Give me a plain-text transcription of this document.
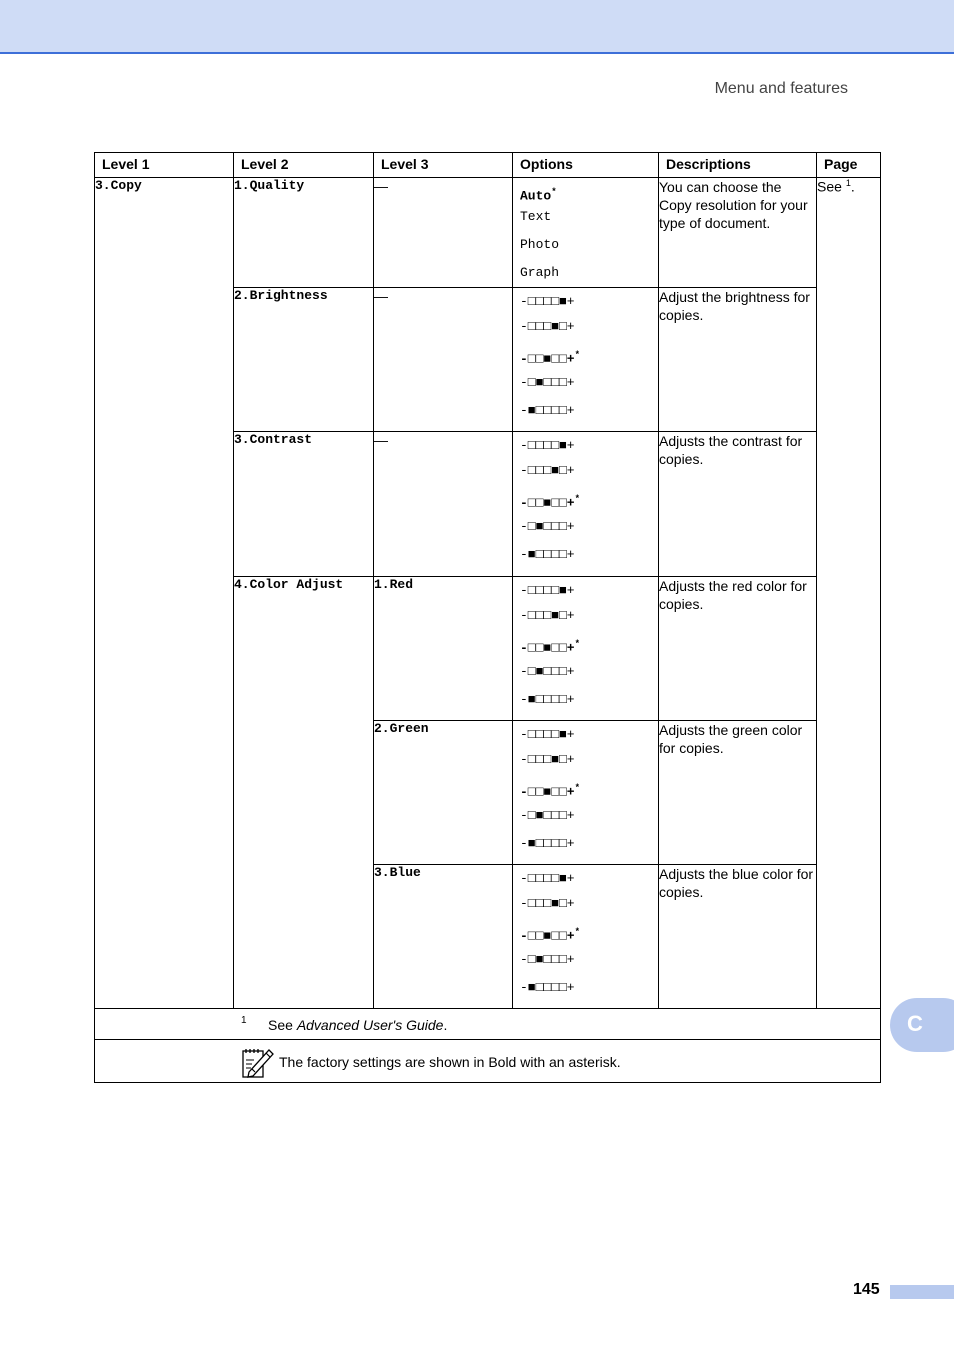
Menu and features
Level 1	Level 2	Level 3	Options	Descriptions	Page
3.Copy	1.Quality	—	Auto*
Text
Photo
Graph	You can choose the Copy resolution for your type of document.	See $^1$.
	2.Brightness	—	-□□□□■+
-□□□■□+
-□□■□□+*
-□■□□□+
-■□□□□+	Adjust the brightness for copies.	
	3.Contrast	—	-□□□□■+
-□□□■□+
-□□■□□+*
-□■□□□+
-■□□□□+	Adjusts the contrast for copies.	
	4.Color Adjust	1.Red	-□□□□■+
-□□□■□+
-□□■□□+*
-□■□□□+
-■□□□□+	Adjusts the red color for copies.	
		2.Green	-□□□□■+
-□□□■□+
-□□■□□+*
-□■□□□+
-■□□□□+	Adjusts the green color for copies.	
		3.Blue	-□□□□■+
-□□□■□+
-□□■□□+*
-□■□□□+
-■□□□□+	Adjusts the blue color for copies.	

1 See Advanced User's Guide.					

The factory settings are shown in Bold with an asterisk.					
C
145
